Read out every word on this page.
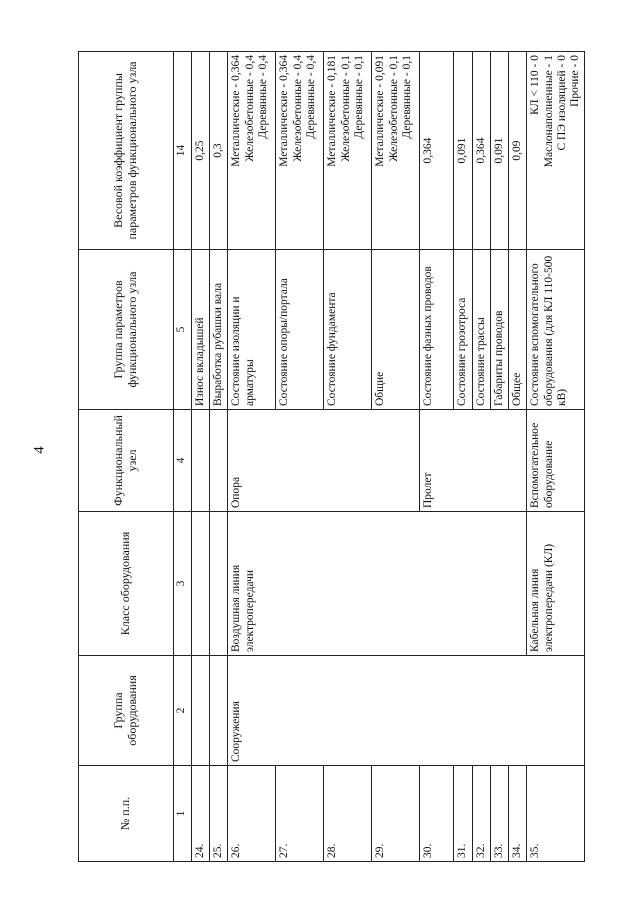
4
№ п.п.	Группа оборудования	Класс оборудования	Функциональный узел	Группа параметров функционального узла	Весовой коэффициент группы параметров функционального узла
1	2	3	4	5	14
24.				Износ вкладышей	0,25
25.				Выработка рубашки вала	0,3
26.	Сооружения	Воздушная линия электропередачи	Опора	Состояние изоляции и арматуры	Металлические - 0,364 Железобетонные - 0,4 Деревянные - 0,4

27.				Состояние опоры/портала	Металлические - 0,364 Железобетонные - 0,4 Деревянные - 0,4

28.				Состояние фундамента	Металлические - 0,181 Железобетонные - 0,1 Деревянные - 0,1

29.				Общие	Металлические - 0,091 Железобетонные - 0,1 Деревянные - 0,1

30.			Пролет	Состояние фазных проводов	0,364
31.				Состояние грозотроса	0,091
32.				Состояние трассы	0,364
33.				Габариты проводов	0,091
34.				Общее	0,09
35.		Кабельная линия электропередачи (КЛ)	Вспомогательное оборудование	Состояние вспомогательного оборудования (для КЛ 110-500 кВ)	КЛ < 110 - 0 Маслонаполненные - 1 С ПЭ изоляцией - 0 Прочие - 0
